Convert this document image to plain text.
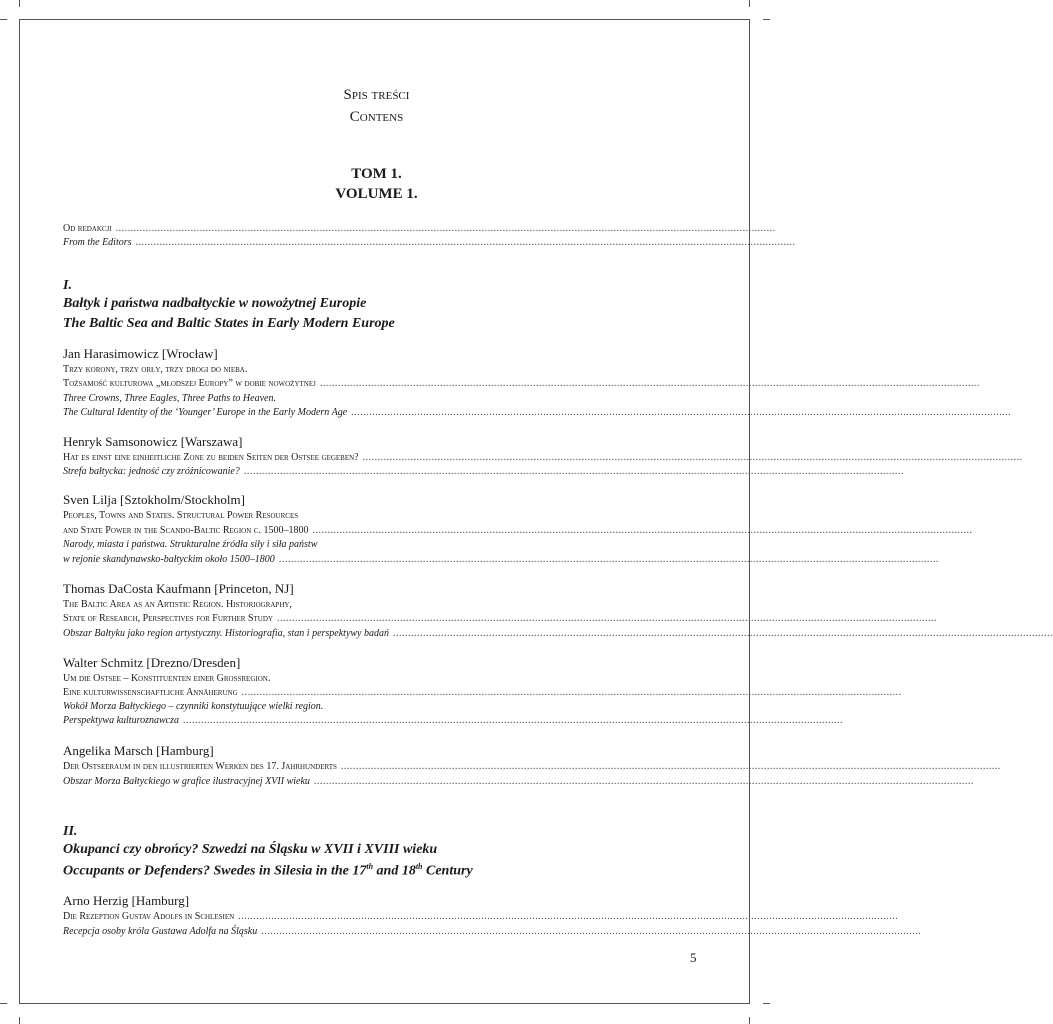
Spis treści
Contens
TOM 1.
VOLUME 1.
Od redakcji ............................................................................................................................................................................................................................
From the Editors ............................................................................................................................................................................................................................
I.
Bałtyk i państwa nadbałtyckie w nowożytnej Europie
The Baltic Sea and Baltic States in Early Modern Europe
Jan Harasimowicz [Wrocław]
Trzy korony, trzy orły, trzy drogi do nieba.
Tożsamość kulturowa „młodszej Europy” w dobie nowożytnej ............................................................................................................................................................................................................................
Three Crowns, Three Eagles, Three Paths to Heaven.
The Cultural Identity of the ‘Younger’ Europe in the Early Modern Age ............................................................................................................................................................................................................................
Henryk Samsonowicz [Warszawa]
Hat es einst eine einheitliche Zone zu beiden Seiten der Ostsee gegeben? ............................................................................................................................................................................................................................
Strefa bałtycka: jedność czy zróżnicowanie? ............................................................................................................................................................................................................................
Sven Lilja [Sztokholm/Stockholm]
Peoples, Towns and States. Structural Power Resources
and State Power in the Scando-Baltic Region c. 1500–1800 ............................................................................................................................................................................................................................
Narody, miasta i państwa. Strukturalne źródła siły i siła państw
w rejonie skandynawsko-bałtyckim około 1500–1800 ............................................................................................................................................................................................................................
Thomas DaCosta Kaufmann [Princeton, NJ]
The Baltic Area as an Artistic Region. Historiography,
State of Research, Perspectives for Further Study ............................................................................................................................................................................................................................
Obszar Bałtyku jako region artystyczny. Historiografia, stan i perspektywy badań ............................................................................................................................................................................................................................
Walter Schmitz [Drezno/Dresden]
Um die Ostsee – Konstituenten einer Großregion.
Eine kulturwissenschaftliche Annäherung ............................................................................................................................................................................................................................
Wokół Morza Bałtyckiego – czynniki konstytuujące wielki region.
Perspektywa kulturoznawcza ............................................................................................................................................................................................................................
Angelika Marsch [Hamburg]
Der Ostseeraum in den illustrierten Werken des 17. Jahrhunderts ............................................................................................................................................................................................................................
Obszar Morza Bałtyckiego w grafice ilustracyjnej XVII wieku ............................................................................................................................................................................................................................
II.
Okupanci czy obrońcy? Szwedzi na Śląsku w XVII i XVIII wieku
Occupants or Defenders? Swedes in Silesia in the 17th and 18th Century
Arno Herzig [Hamburg]
Die Rezeption Gustav Adolfs in Schlesien ............................................................................................................................................................................................................................
Recepcja osoby króla Gustawa Adolfa na Śląsku ............................................................................................................................................................................................................................
5
